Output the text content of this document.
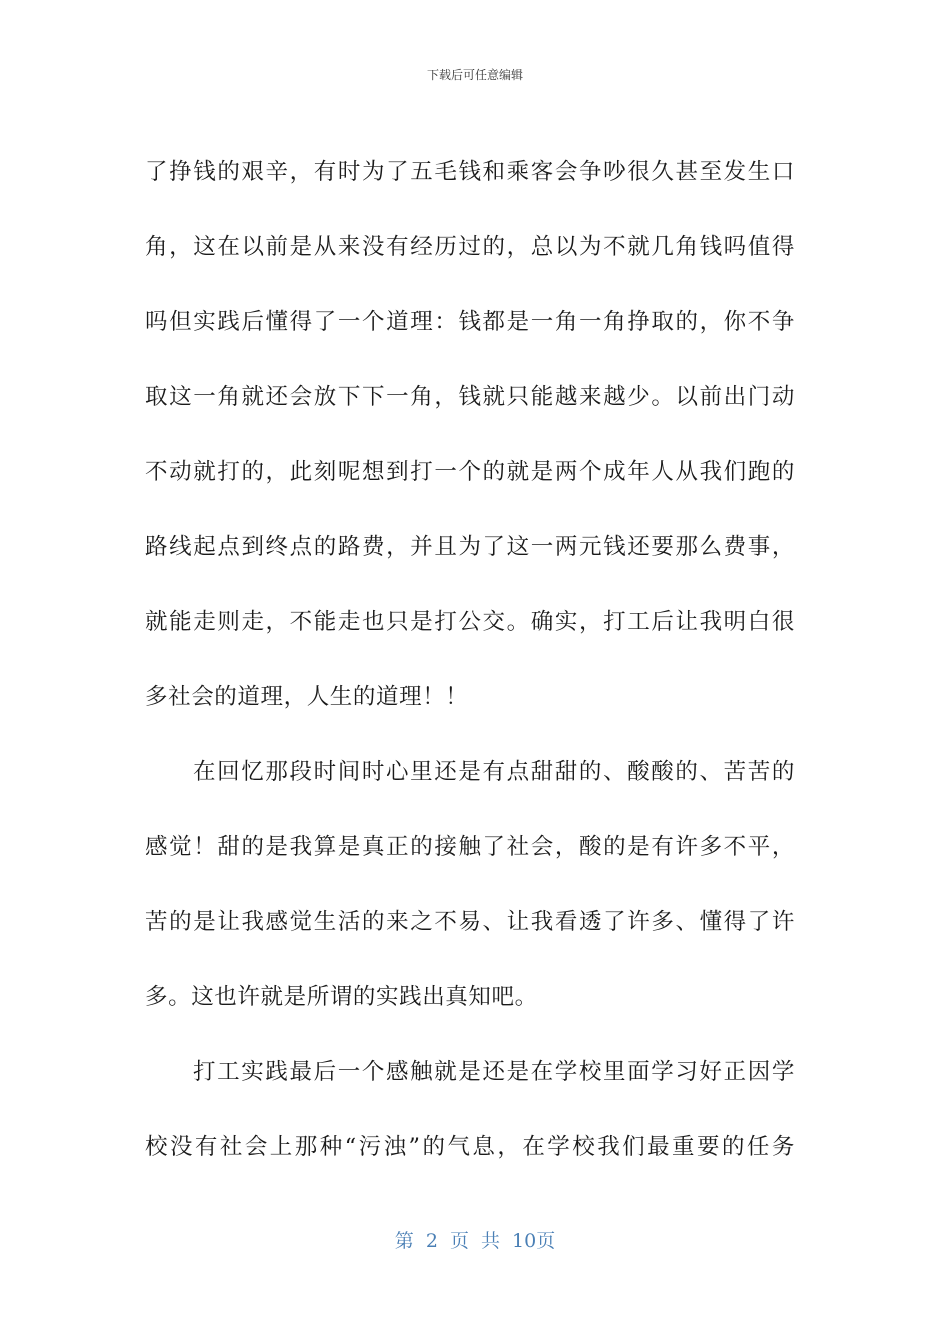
下载后可任意编辑
了挣钱的艰辛，有时为了五毛钱和乘客会争吵很久甚至发生口
角，这在以前是从来没有经历过的，总以为不就几角钱吗值得
吗但实践后懂得了一个道理：钱都是一角一角挣取的，你不争
取这一角就还会放下下一角，钱就只能越来越少。以前出门动
不动就打的，此刻呢想到打一个的就是两个成年人从我们跑的
路线起点到终点的路费，并且为了这一两元钱还要那么费事，
就能走则走，不能走也只是打公交。确实，打工后让我明白很
多社会的道理，人生的道理！！
在回忆那段时间时心里还是有点甜甜的、酸酸的、苦苦的
感觉！甜的是我算是真正的接触了社会，酸的是有许多不平，
苦的是让我感觉生活的来之不易、让我看透了许多、懂得了许
多。这也许就是所谓的实践出真知吧。
打工实践最后一个感触就是还是在学校里面学习好正因学
校没有社会上那种“污浊”的气息，在学校我们最重要的任务
第 2 页 共 10页
